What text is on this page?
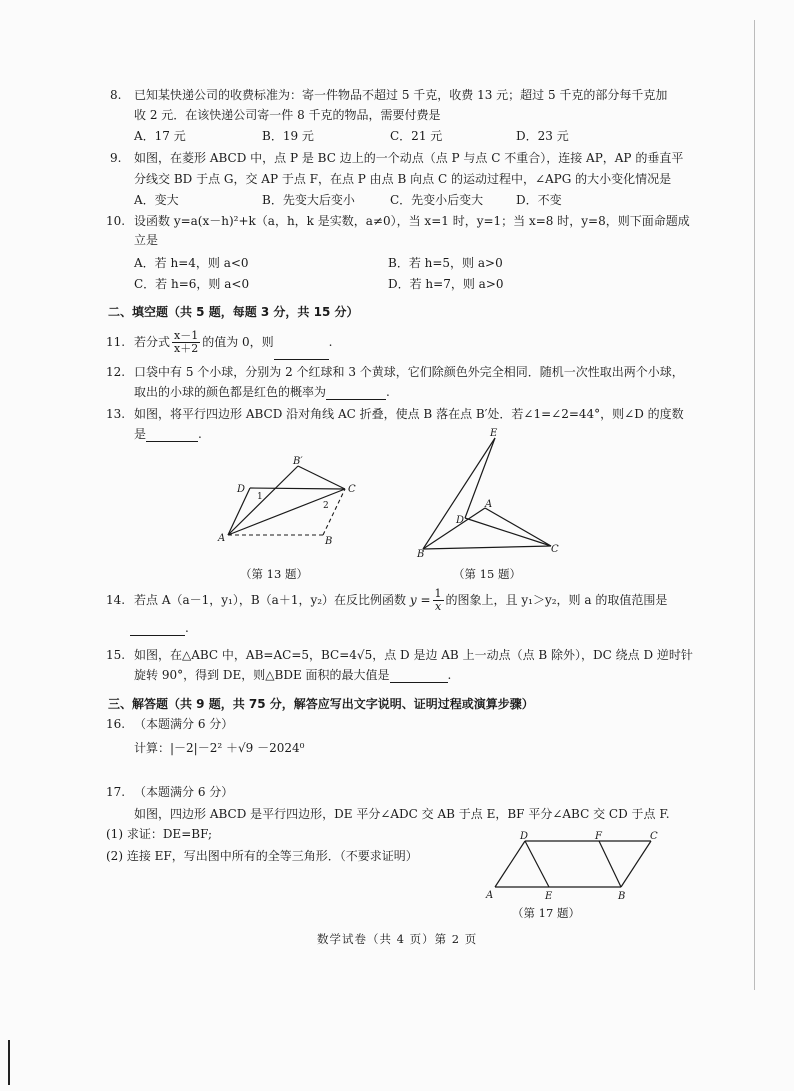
8. 已知某快递公司的收费标准为：寄一件物品不超过 5 千克，收费 13 元；超过 5 千克的部分每千克加
收 2 元．在该快递公司寄一件 8 千克的物品，需要付费是
A．17 元	B．19 元	C．21 元	D．23 元
9. 如图，在菱形 ABCD 中，点 P 是 BC 边上的一个动点（点 P 与点 C 不重合），连接 AP，AP 的垂直平
分线交 BD 于点 G，交 AP 于点 F，在点 P 由点 B 向点 C 的运动过程中，∠APG 的大小变化情况是
A．变大	B．先变大后变小	C．先变小后变大	D．不变
10. 设函数 y=a(x－h)²+k（a，h，k 是实数，a≠0），当 x=1 时，y=1；当 x=8 时，y=8，则下面命题成
立是
A．若 h=4，则 a<0	B．若 h=5，则 a>0
C．若 h=6，则 a<0	D．若 h=7，则 a>0
二、填空题（共 5 题，每题 3 分，共 15 分）
11. 若分式 $\frac{x-1}{x+2}$ 的值为 0，则	.
12. 口袋中有 5 个小球，分别为 2 个红球和 3 个黄球，它们除颜色外完全相同．随机一次性取出两个小球，
取出的小球的颜色都是红色的概率为	.
13. 如图，将平行四边形 ABCD 沿对角线 AC 折叠，使点 B 落在点 B′处．若∠1=∠2=44°，则∠D 的度数
是	.
D
B′
C
A	B
1
2
（第 13 题）
E
A
D
B	C
（第 15 题）
14. 若点 A（a－1，y₁），B（a＋1，y₂）在反比例函数 $y = \frac{1}{x}$ 的图象上，且 y₁＞y₂，则 a 的取值范围是
.
15. 如图，在△ABC 中，AB=AC=5，BC=4√5，点 D 是边 AB 上一动点（点 B 除外），DC 绕点 D 逆时针
旋转 90°，得到 DE，则△BDE 面积的最大值是	.
三、解答题（共 9 题，共 75 分，解答应写出文字说明、证明过程或演算步骤）
16. （本题满分 6 分）
计算：|－2|－2² ＋√9 －2024⁰
17. （本题满分 6 分）
如图，四边形 ABCD 是平行四边形，DE 平分∠ADC 交 AB 于点 E，BF 平分∠ABC 交 CD 于点 F.
(1) 求证：DE=BF;
(2) 连接 EF，写出图中所有的全等三角形．（不要求证明）
D	F	C
A	E	B
（第 17 题）
数学试卷（共 4 页）第 2 页
